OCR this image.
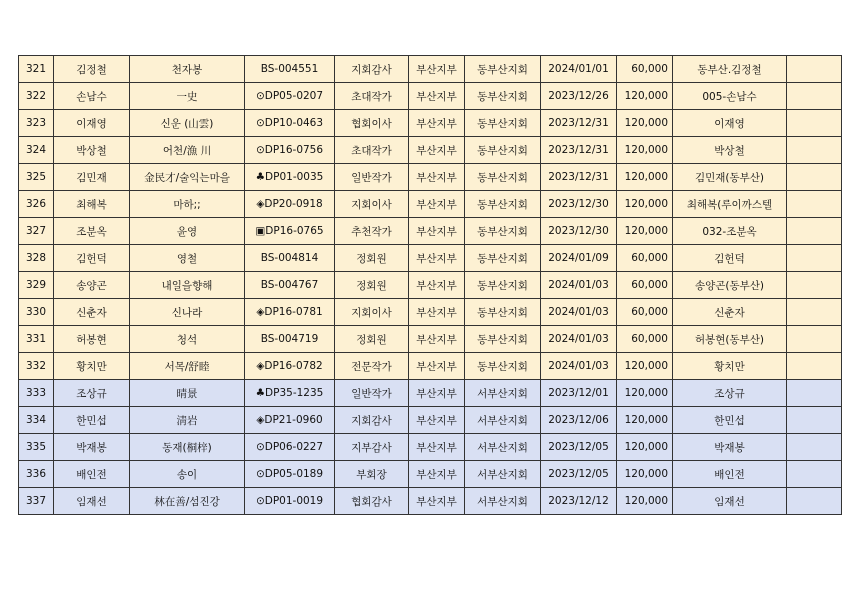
321	김정철	천자봉	BS-004551	지회감사	부산지부	동부산지회	2024/01/01	60,000	동부산.김정철	
322	손남수	一史	⊙DP05-0207	초대작가	부산지부	동부산지회	2023/12/26	120,000	005-손남수	
323	이재영	신운 (山雲)	⊙DP10-0463	협회이사	부산지부	동부산지회	2023/12/31	120,000	이재영	
324	박상철	어천/漁 川	⊙DP16-0756	초대작가	부산지부	동부산지회	2023/12/31	120,000	박상철	
325	김민재	金民才/술익는마을	♣DP01-0035	일반작가	부산지부	동부산지회	2023/12/31	120,000	김민재(동부산)	
326	최해복	마하;;	◈DP20-0918	지회이사	부산지부	동부산지회	2023/12/30	120,000	최해복(루이까스텔	
327	조분옥	윤영	▣DP16-0765	추천작가	부산지부	동부산지회	2023/12/30	120,000	032-조분옥	
328	김헌덕	영철	BS-004814	정회원	부산지부	동부산지회	2024/01/09	60,000	김헌덕	
329	송양곤	내일을향해	BS-004767	정회원	부산지부	동부산지회	2024/01/03	60,000	송양곤(동부산)	
330	신춘자	신나라	◈DP16-0781	지회이사	부산지부	동부산지회	2024/01/03	60,000	신춘자	
331	허봉현	청석	BS-004719	정회원	부산지부	동부산지회	2024/01/03	60,000	허봉현(동부산)	
332	황치만	서목/舒睦	◈DP16-0782	전문작가	부산지부	동부산지회	2024/01/03	120,000	황치만	
333	조상규	晴景	♣DP35-1235	일반작가	부산지부	서부산지회	2023/12/01	120,000	조상규	
334	한민섭	淸岩	◈DP21-0960	지회감사	부산지부	서부산지회	2023/12/06	120,000	한민섭	
335	박재봉	동재(桐梓)	⊙DP06-0227	지부감사	부산지부	서부산지회	2023/12/05	120,000	박재봉	
336	배인전	송이	⊙DP05-0189	부회장	부산지부	서부산지회	2023/12/05	120,000	배인전	
337	임재선	林在善/섬진강	⊙DP01-0019	협회감사	부산지부	서부산지회	2023/12/12	120,000	임재선	
